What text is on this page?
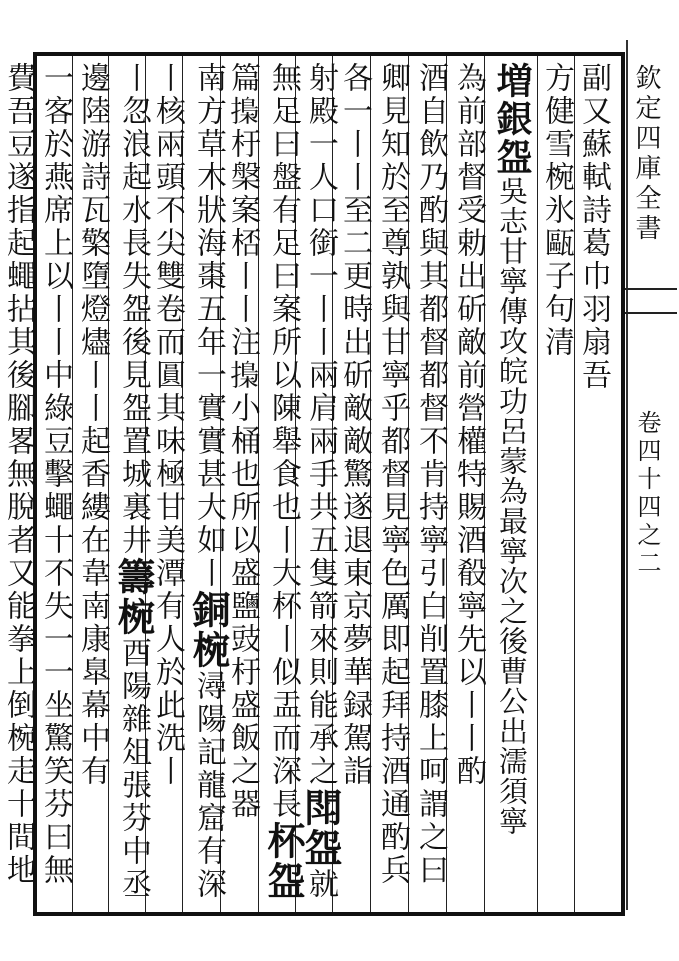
欽定四庫全書
卷四十四之二
副又蘇軾詩葛巾羽扇吾
方健雪椀氷甌子句清
増銀盌吳志甘寧傳攻皖功呂蒙為最寧次之後曹公出濡須寧
為前部督受勅出斫敵前營權特賜酒殽寧先以丨丨酌
酒自飲乃酌與其都督都督不肯持寧引白削置膝上呵謂之曰
卿見知於至尊孰與甘寧乎都督見寧色厲即起拜持酒通酌兵
各一丨丨至二更時出斫敵敵驚遂退東京夢華録駕詣
射殿一人口銜一丨丨兩肩兩手共五隻箭來則能承之閗盌就
無足曰盤有足曰案所以陳舉食也丨大杯丨似盂而深長杯盌
篇𢳚杅槃案桮丨丨注𢳚小桶也所以盛鹽豉杅盛飯之器
南方草木狀海棗五年一實實甚大如丨銅椀潯陽記龍窟有深
丨核兩頭不尖雙卷而圓其味極甘美潭有人於此洗丨
丨忽浪起水長失盌後見盌置城裏井籌椀酉陽雜俎張芬中丞
邊陸游詩瓦檠墮燈燼丨丨起香縷在韋南康臯幕中有
一客於燕席上以丨丨中綠豆擊蠅十不失一一坐驚笑芬曰無
費吾豆遂指起蠅拈其後腳畧無脫者又能拳上倒椀走十間地
